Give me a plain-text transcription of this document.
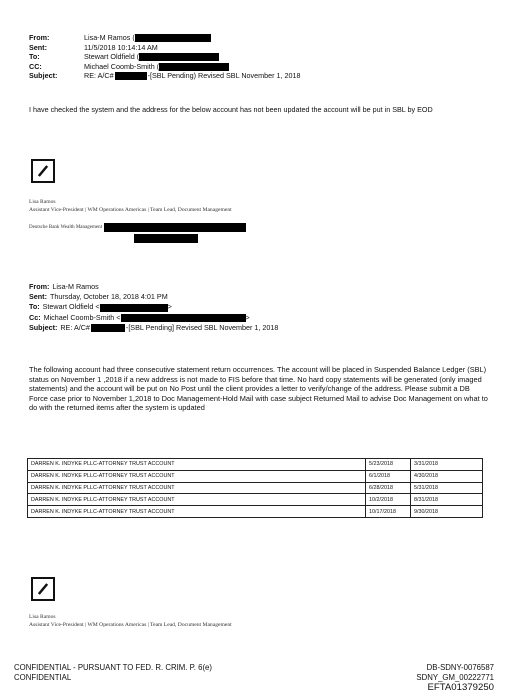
From:	Lisa-M Ramos (
Sent:	11/5/2018 10:14:14 AM
To:	Stewart Oldfield (
CC:	Michael Coomb-Smith (
Subject:	RE: A/C#	-[SBL Pending) Revised SBL November 1, 2018

I have checked the system and the address for the below account has not been updated the account will be put in SBL by EOD

Lisa Ramos
Assistant Vice-President | WM Operations Americas | Team Lead, Document Management
Deutsche Bank Wealth Management
From: Lisa-M Ramos
Sent: Thursday, October 18, 2018 4:01 PM
To: Stewart Oldfield <	>
Cc: Michael Coomb-Smith <	>
Subject: RE: A/C#	-[SBL Pending] Revised SBL November 1, 2018

The following account had three consecutive statement return occurrences. The account will be placed in Suspended Balance Ledger (SBL) status on November 1 ,2018 if a new address is not made to FIS before that time. No hard copy statements will be generated (only imaged statements) and the account will be put on No Post until the client provides a letter to verify/change of the address. Please submit a DB Force case prior to November 1,2018 to Doc Management-Hold Mail with case subject Returned Mail to advise Doc Management on what to do with the returned items after the system is updated

DARREN K. INDYKE PLLC-ATTORNEY TRUST ACCOUNT	5/23/2018	3/31/2018
DARREN K. INDYKE PLLC-ATTORNEY TRUST ACCOUNT	6/1/2018	4/30/2018
DARREN K. INDYKE PLLC-ATTORNEY TRUST ACCOUNT	6/28/2018	5/31/2018
DARREN K. INDYKE PLLC-ATTORNEY TRUST ACCOUNT	10/2/2018	8/31/2018
DARREN K. INDYKE PLLC-ATTORNEY TRUST ACCOUNT	10/17/2018	9/30/2018
Lisa Ramos
Assistant Vice-President | WM Operations Americas | Team Lead, Document Management
CONFIDENTIAL - PURSUANT TO FED. R. CRIM. P. 6(e)
CONFIDENTIAL
DB-SDNY-0076587
SDNY_GM_00222771
EFTA01379250
